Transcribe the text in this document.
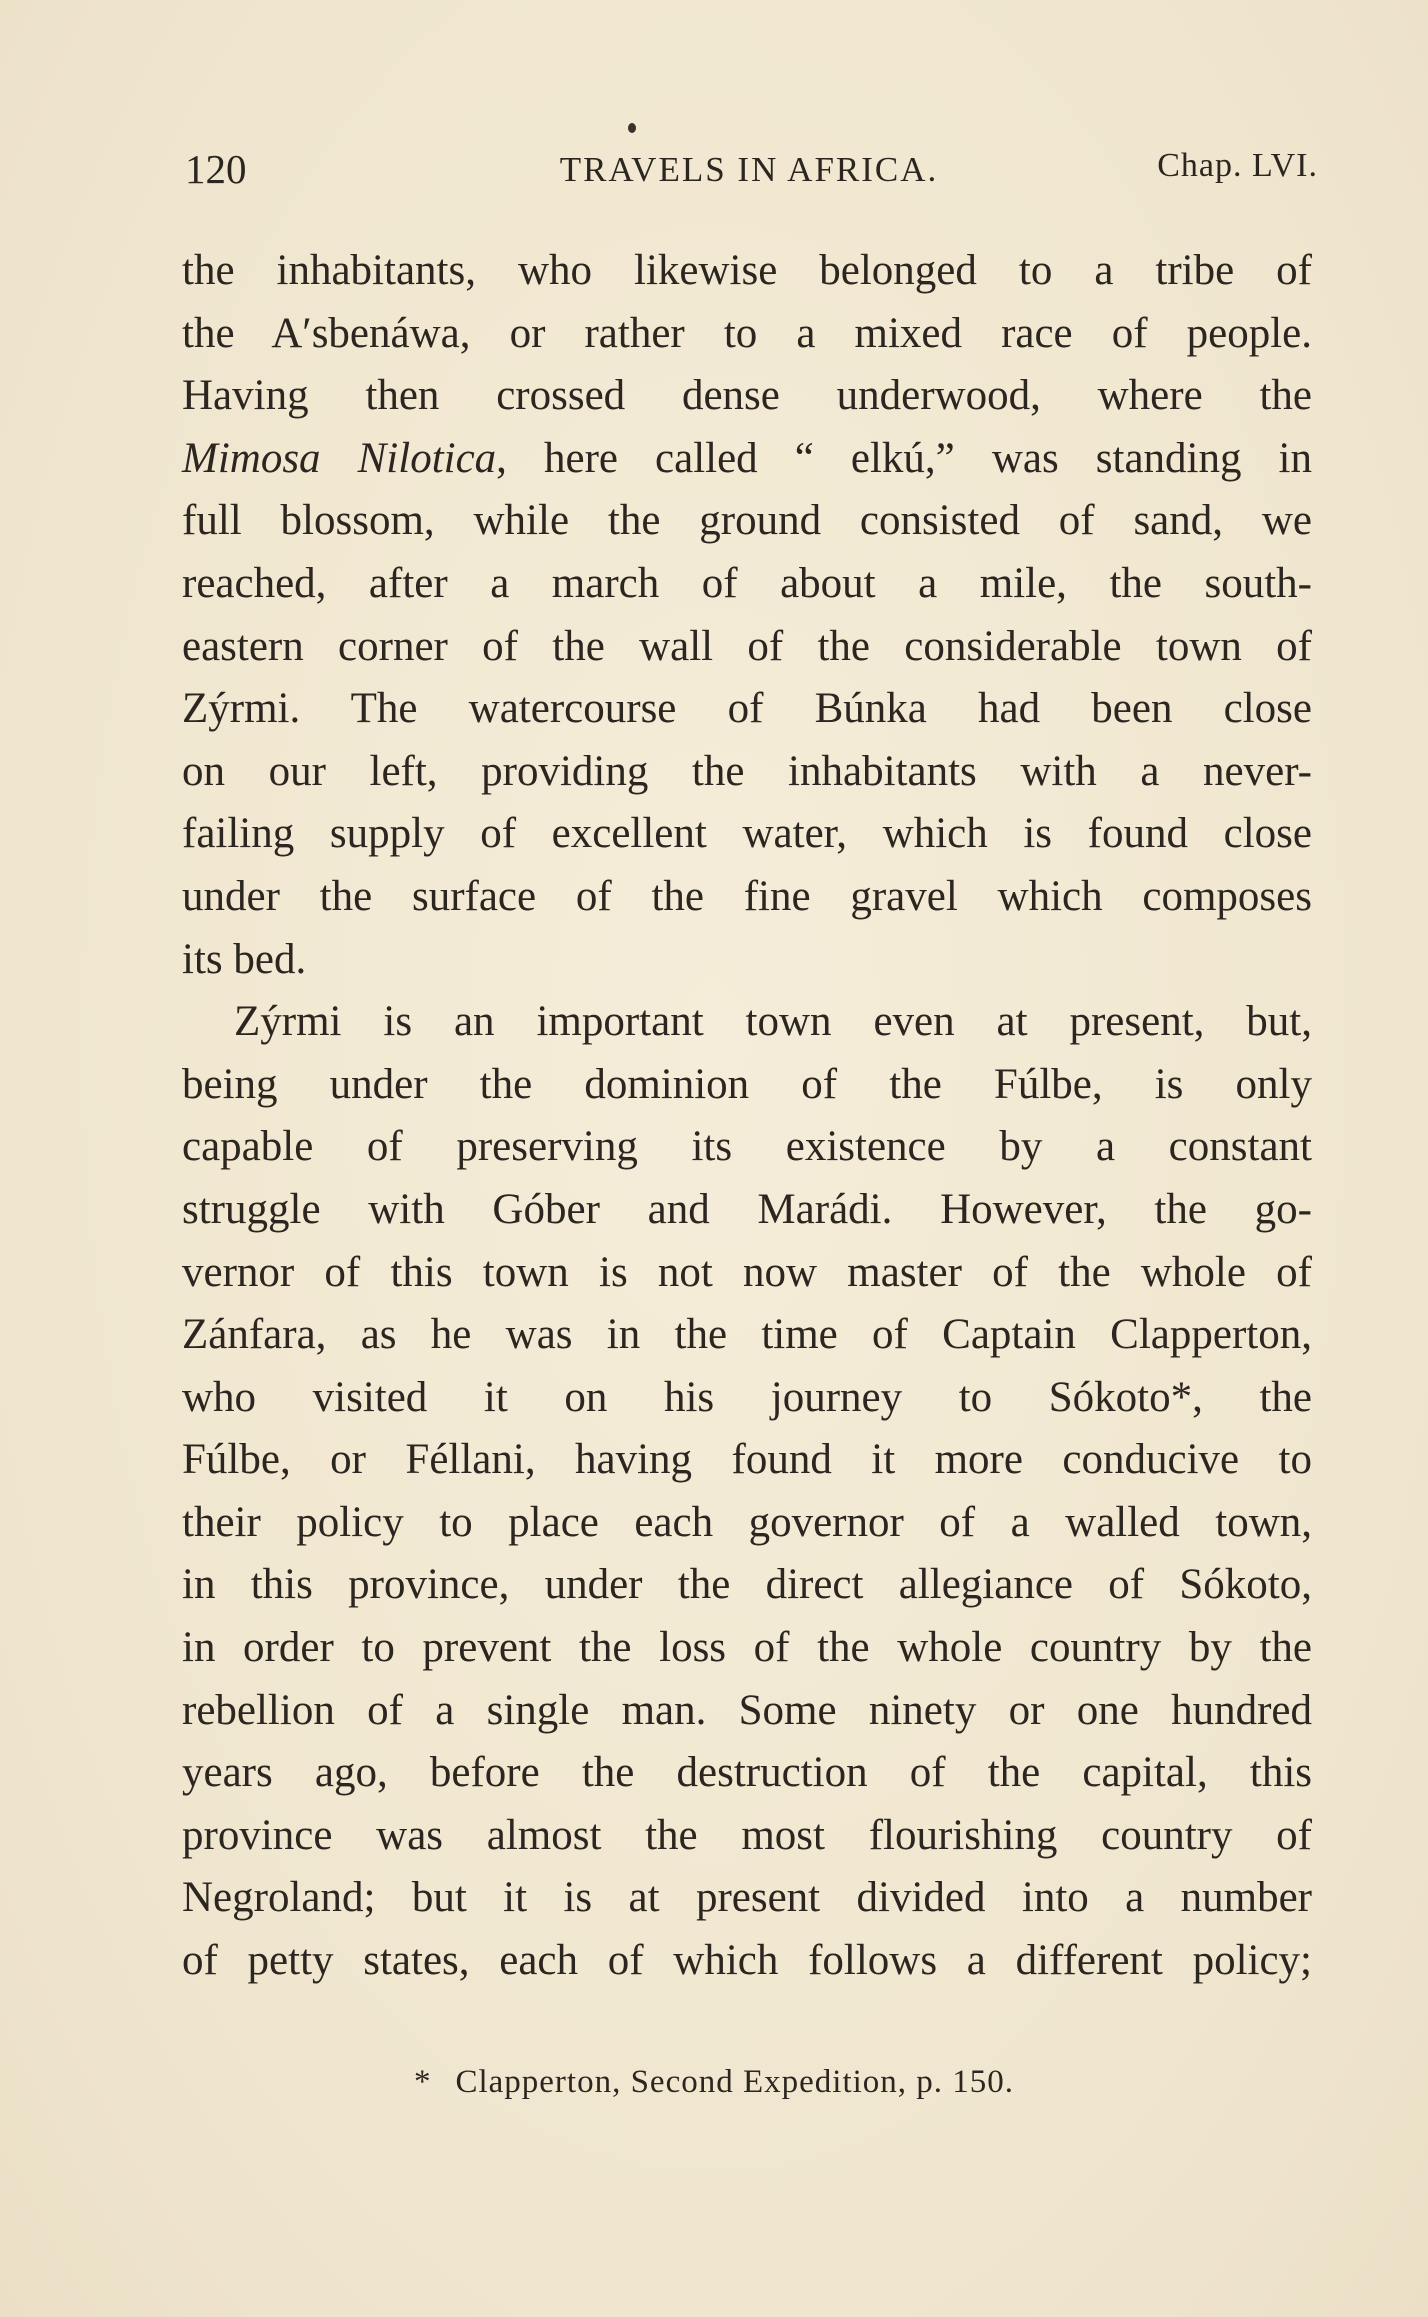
120	TRAVELS IN AFRICA.	Chap. LVI.
the inhabitants, who likewise belonged to a tribe of
the A′sbenáwa, or rather to a mixed race of people.
Having then crossed dense underwood, where the
Mimosa Nilotica, here called “ elkú,” was standing in
full blossom, while the ground consisted of sand, we
reached, after a march of about a mile, the south-
eastern corner of the wall of the considerable town of
Zýrmi. The watercourse of Búnka had been close
on our left, providing the inhabitants with a never-
failing supply of excellent water, which is found close
under the surface of the fine gravel which composes
its bed.
Zýrmi is an important town even at present, but,
being under the dominion of the Fúlbe, is only
capable of preserving its existence by a constant
struggle with Góber and Marádi. However, the go-
vernor of this town is not now master of the whole of
Zánfara, as he was in the time of Captain Clapperton,
who visited it on his journey to Sókoto*, the
Fúlbe, or Féllani, having found it more conducive to
their policy to place each governor of a walled town,
in this province, under the direct allegiance of Sókoto,
in order to prevent the loss of the whole country by the
rebellion of a single man. Some ninety or one hundred
years ago, before the destruction of the capital, this
province was almost the most flourishing country of
Negroland; but it is at present divided into a number
of petty states, each of which follows a different policy;
* Clapperton, Second Expedition, p. 150.
